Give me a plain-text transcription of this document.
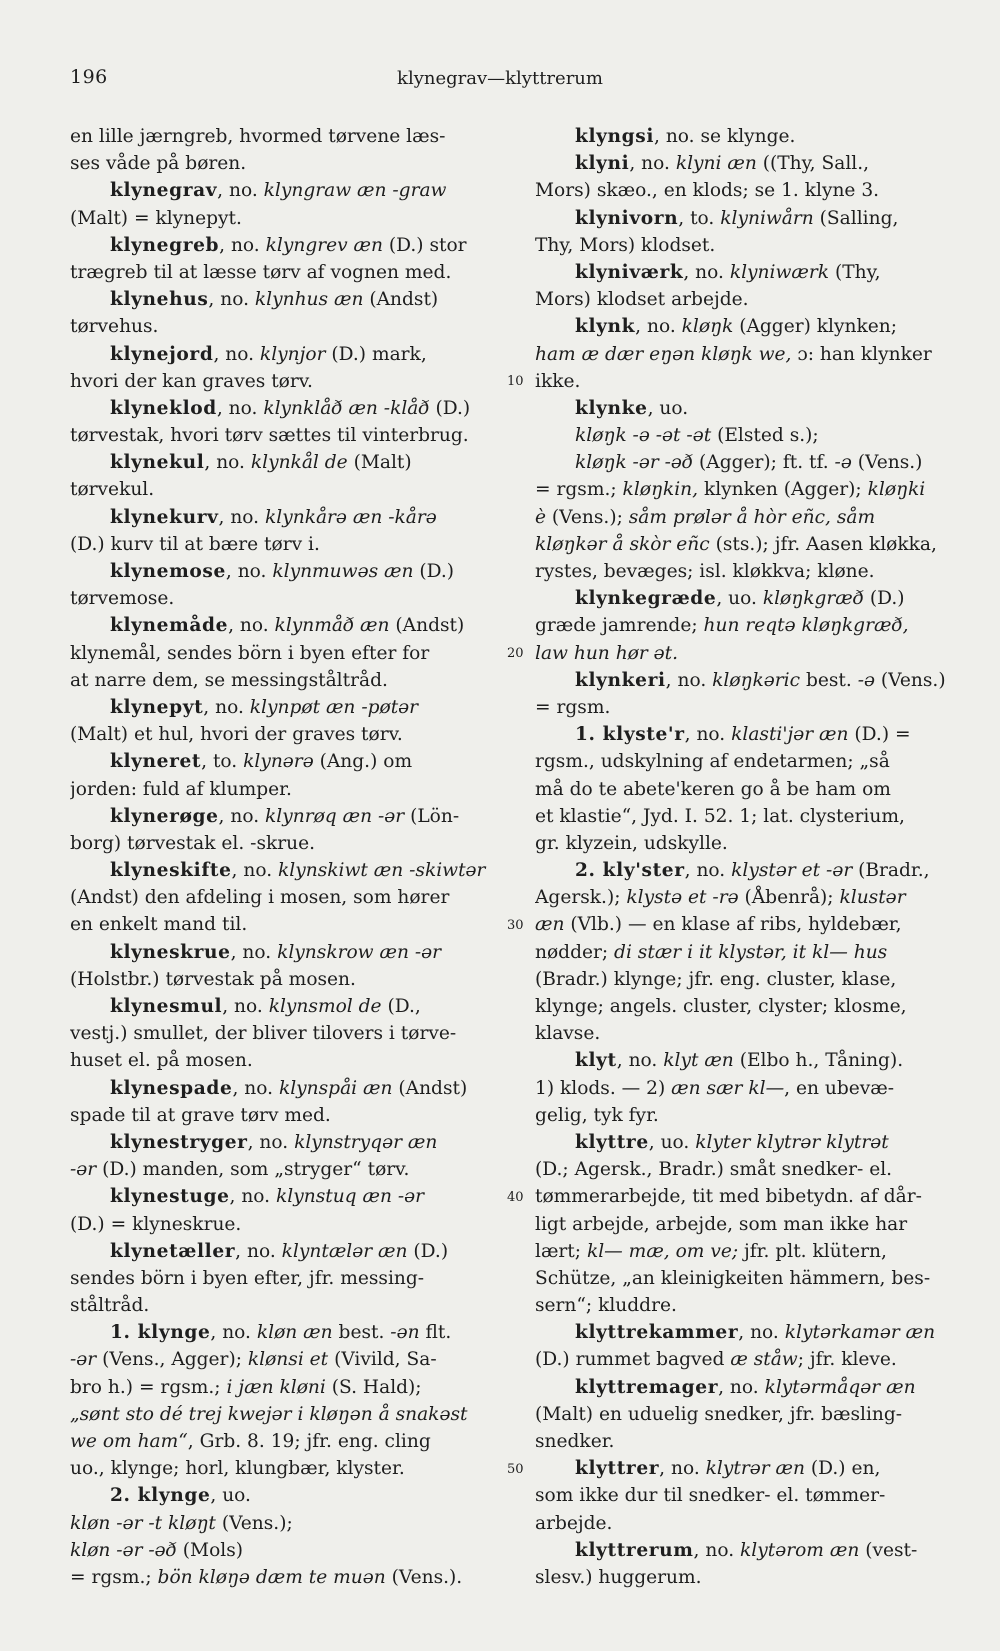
196	klynegrav—klyttrerum
en lille jærngreb, hvormed tørvene læs-
ses våde på børen.
klynegrav, no. klyngraw æn -graw
(Malt) = klynepyt.
klynegreb, no. klyngrev æn (D.) stor
trægreb til at læsse tørv af vognen med.
klynehus, no. klynhus æn (Andst)
tørvehus.
klynejord, no. klynjor (D.) mark,
hvori der kan graves tørv.
klyneklod, no. klynklåð æn -klåð (D.)
tørvestak, hvori tørv sættes til vinterbrug.
klynekul, no. klynkål de (Malt)
tørvekul.
klynekurv, no. klynkårə æn -kårə
(D.) kurv til at bære tørv i.
klynemose, no. klynmuwəs æn (D.)
tørvemose.
klynemåde, no. klynmåð æn (Andst)
klynemål, sendes börn i byen efter for
at narre dem, se messingståltråd.
klynepyt, no. klynpøt æn -pøtər
(Malt) et hul, hvori der graves tørv.
klyneret, to. klynərə (Ang.) om
jorden: fuld af klumper.
klynerøge, no. klynrøq æn -ər (Lön-
borg) tørvestak el. -skrue.
klyneskifte, no. klynskiwt æn -skiwtər
(Andst) den afdeling i mosen, som hører
en enkelt mand til.
klyneskrue, no. klynskrow æn -ər
(Holstbr.) tørvestak på mosen.
klynesmul, no. klynsmol de (D.,
vestj.) smullet, der bliver tilovers i tørve-
huset el. på mosen.
klynespade, no. klynspåi æn (Andst)
spade til at grave tørv med.
klynestryger, no. klynstryqər æn
-ər (D.) manden, som „stryger“ tørv.
klynestuge, no. klynstuq æn -ər
(D.) = klyneskrue.
klynetæller, no. klyntælər æn (D.)
sendes börn i byen efter, jfr. messing-
ståltråd.
1. klynge, no. kløn æn best. -ən flt.
-ər (Vens., Agger); klønsi et (Vivild, Sa-
bro h.) = rgsm.; i jæn kløni (S. Hald);
„sønt sto dé trej kwejər i kløŋən å snakəst
we om ham“, Grb. 8. 19; jfr. eng. cling
uo., klynge; horl, klungbær, klyster.
2. klynge, uo.
kløn -ər -t kløŋt (Vens.);
kløn -ər -əð (Mols)
= rgsm.; bön kløŋə dæm te muən (Vens.).
10
20
30
40
50
klyngsi, no. se klynge.
klyni, no. klyni æn ((Thy, Sall.,
Mors) skæo., en klods; se 1. klyne 3.
klynivorn, to. klyniwårn (Salling,
Thy, Mors) klodset.
klyniværk, no. klyniwærk (Thy,
Mors) klodset arbejde.
klynk, no. kløŋk (Agger) klynken;
ham æ dær eŋən kløŋk we, ɔ: han klynker
ikke.
klynke, uo.
kløŋk -ə -ət -ət (Elsted s.);
kløŋk -ər -əð (Agger); ft. tf. -ə (Vens.)
= rgsm.; kløŋkin, klynken (Agger); kløŋki
è (Vens.); såm prølər å hòr eñc, såm
kløŋkər å skòr eñc (sts.); jfr. Aasen kløkka,
rystes, bevæges; isl. kløkkva; kløne.
klynkegræde, uo. kløŋkgræð (D.)
græde jamrende; hun reqtə kløŋkgræð,
law hun hør ət.
klynkeri, no. kløŋkəric best. -ə (Vens.)
= rgsm.
1. klyste'r, no. klasti'jər æn (D.) =
rgsm., udskylning af endetarmen; „så
må do te abete'keren go å be ham om
et klastie“, Jyd. I. 52. 1; lat. clysterium,
gr. klyzein, udskylle.
2. kly'ster, no. klystər et -ər (Bradr.,
Agersk.); klystə et -rə (Åbenrå); klustər
æn (Vlb.) — en klase af ribs, hyldebær,
nødder; di stær i it klystər, it kl— hus
(Bradr.) klynge; jfr. eng. cluster, klase,
klynge; angels. cluster, clyster; klosme,
klavse.
klyt, no. klyt æn (Elbo h., Tåning).
1) klods. — 2) æn sær kl—, en ubevæ-
gelig, tyk fyr.
klyttre, uo. klyter klytrər klytrət
(D.; Agersk., Bradr.) småt snedker- el.
tømmerarbejde, tit med bibetydn. af dår-
ligt arbejde, arbejde, som man ikke har
lært; kl— mæ, om ve; jfr. plt. klütern,
Schütze, „an kleinigkeiten hämmern, bes-
sern“; kluddre.
klyttrekammer, no. klytərkamər æn
(D.) rummet bagved æ ståw; jfr. kleve.
klyttremager, no. klytərmåqər æn
(Malt) en uduelig snedker, jfr. bæsling-
snedker.
klyttrer, no. klytrər æn (D.) en,
som ikke dur til snedker- el. tømmer-
arbejde.
klyttrerum, no. klytərom æn (vest-
slesv.) huggerum.
